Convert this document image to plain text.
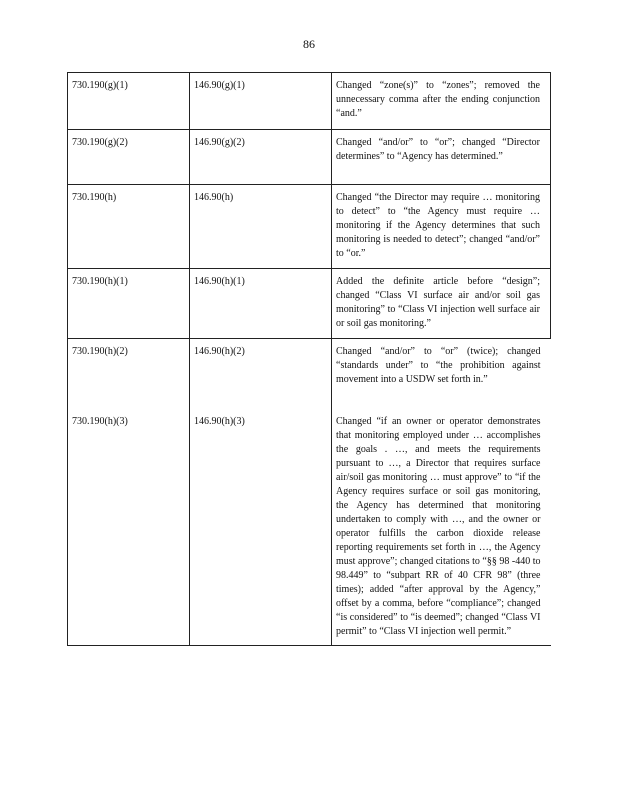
86
730.190(g)(1)	146.90(g)(1)	Changed “zone(s)” to “zones”; removed the unnecessary comma after the ending conjunction “and.”
730.190(g)(2)	146.90(g)(2)	Changed “and/or” to “or”; changed “Director determines” to “Agency has determined.”
730.190(h)	146.90(h)	Changed “the Director may require … monitoring to detect” to “the Agency must require … monitoring if the Agency determines that such monitoring is needed to detect”; changed “and/or” to “or.”
730.190(h)(1)	146.90(h)(1)	Added the definite article before “design”; changed “Class VI surface air and/or soil gas monitoring” to “Class VI injection well surface air or soil gas monitoring.”
730.190(h)(2)	146.90(h)(2)	Changed “and/or” to “or” (twice); changed “standards under” to “the prohibition against movement into a USDW set forth in.”
730.190(h)(3)	146.90(h)(3)	Changed “if an owner or operator demonstrates that monitoring employed under … accomplishes the goals . …, and meets the requirements pursuant to …, a Director that requires surface air/soil gas monitoring … must approve” to “if the Agency requires surface or soil gas monitoring, the Agency has determined that monitoring undertaken to comply with …, and the owner or operator fulfills the carbon dioxide release reporting requirements set forth in …, the Agency must approve”; changed citations to “§§ 98 -440 to 98.449” to “subpart RR of 40 CFR 98” (three times); added “after approval by the Agency,” offset by a comma, before “compliance”; changed “is considered” to “is deemed”; changed “Class VI permit” to “Class VI injection well permit.”
